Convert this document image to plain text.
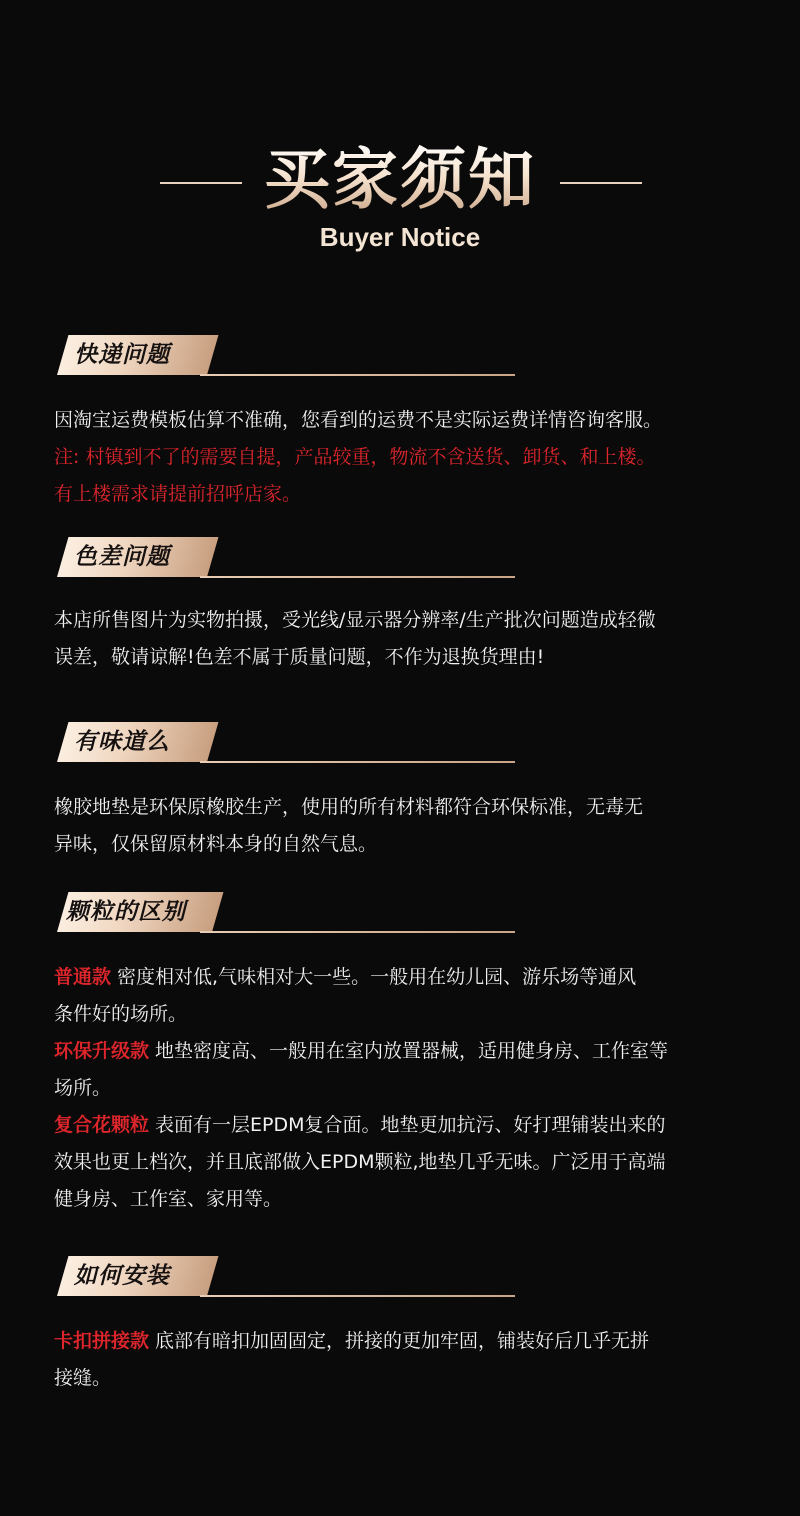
买家须知
Buyer Notice
快递问题

因淘宝运费模板估算不准确，您看到的运费不是实际运费详情咨询客服。

注: 村镇到不了的需要自提，产品较重，物流不含送货、卸货、和上楼。

有上楼需求请提前招呼店家。

色差问题

本店所售图片为实物拍摄，受光线/显示器分辨率/生产批次问题造成轻微

误差，敬请谅解!色差不属于质量问题，不作为退换货理由!

有味道么

橡胶地垫是环保原橡胶生产，使用的所有材料都符合环保标准，无毒无

异味，仅保留原材料本身的自然气息。

颗粒的区别

普通款 密度相对低,气味相对大一些。一般用在幼儿园、游乐场等通风

条件好的场所。

环保升级款 地垫密度高、一般用在室内放置器械，适用健身房、工作室等

场所。

复合花颗粒 表面有一层EPDM复合面。地垫更加抗污、好打理铺装出来的

效果也更上档次，并且底部做入EPDM颗粒,地垫几乎无味。广泛用于高端

健身房、工作室、家用等。

如何安装

卡扣拼接款 底部有暗扣加固固定，拼接的更加牢固，铺装好后几乎无拼

接缝。
